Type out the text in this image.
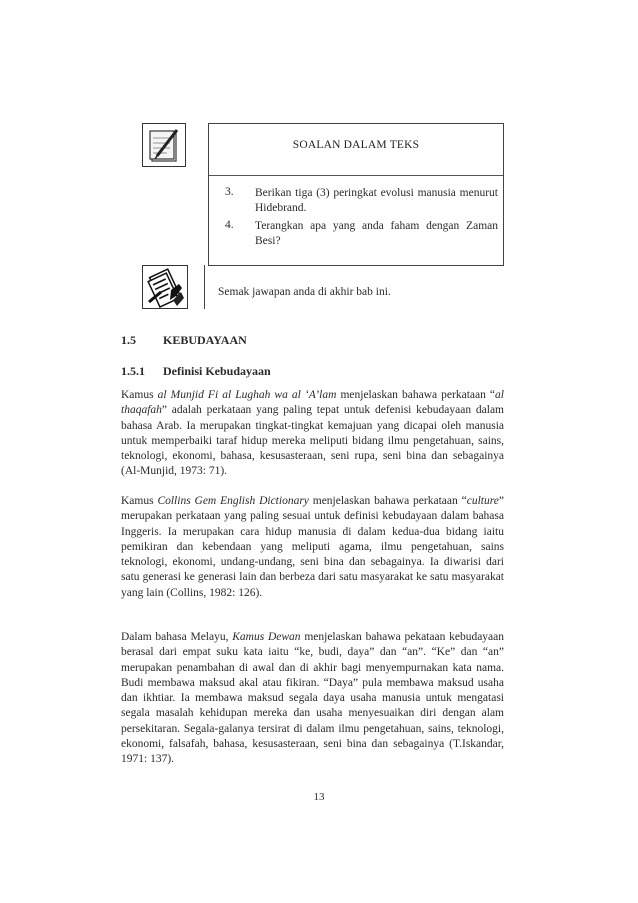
SOALAN DALAM TEKS
3. Berikan tiga (3) peringkat evolusi manusia menurut Hidebrand.
4. Terangkan apa yang anda faham dengan Zaman Besi?
Semak jawapan anda di akhir bab ini.
1.5 KEBUDAYAAN
1.5.1 Definisi Kebudayaan
Kamus al Munjid Fi al Lughah wa al ‘A’lam menjelaskan bahawa perkataan “al thaqafah” adalah perkataan yang paling tepat untuk defenisi kebudayaan dalam bahasa Arab. Ia merupakan tingkat-tingkat kemajuan yang dicapai oleh manusia untuk memperbaiki taraf hidup mereka meliputi bidang ilmu pengetahuan, sains, teknologi, ekonomi, bahasa, kesusasteraan, seni rupa, seni bina dan sebagainya (Al-Munjid, 1973: 71).
Kamus Collins Gem English Dictionary menjelaskan bahawa perkataan “culture” merupakan perkataan yang paling sesuai untuk definisi kebudayaan dalam bahasa Inggeris. Ia merupakan cara hidup manusia di dalam kedua-dua bidang iaitu pemikiran dan kebendaan yang meliputi agama, ilmu pengetahuan, sains teknologi, ekonomi, undang-undang, seni bina dan sebagainya. Ia diwarisi dari satu generasi ke generasi lain dan berbeza dari satu masyarakat ke satu masyarakat yang lain (Collins, 1982: 126).
Dalam bahasa Melayu, Kamus Dewan menjelaskan bahawa pekataan kebudayaan berasal dari empat suku kata iaitu “ke, budi, daya” dan “an”. “Ke” dan “an” merupakan penambahan di awal dan di akhir bagi menyempurnakan kata nama. Budi membawa maksud akal atau fikiran. “Daya” pula membawa maksud usaha dan ikhtiar. Ia membawa maksud segala daya usaha manusia untuk mengatasi segala masalah kehidupan mereka dan usaha menyesuaikan diri dengan alam persekitaran. Segala-galanya tersirat di dalam ilmu pengetahuan, sains, teknologi, ekonomi, falsafah, bahasa, kesusasteraan, seni bina dan sebagainya (T.Iskandar, 1971: 137).
13
